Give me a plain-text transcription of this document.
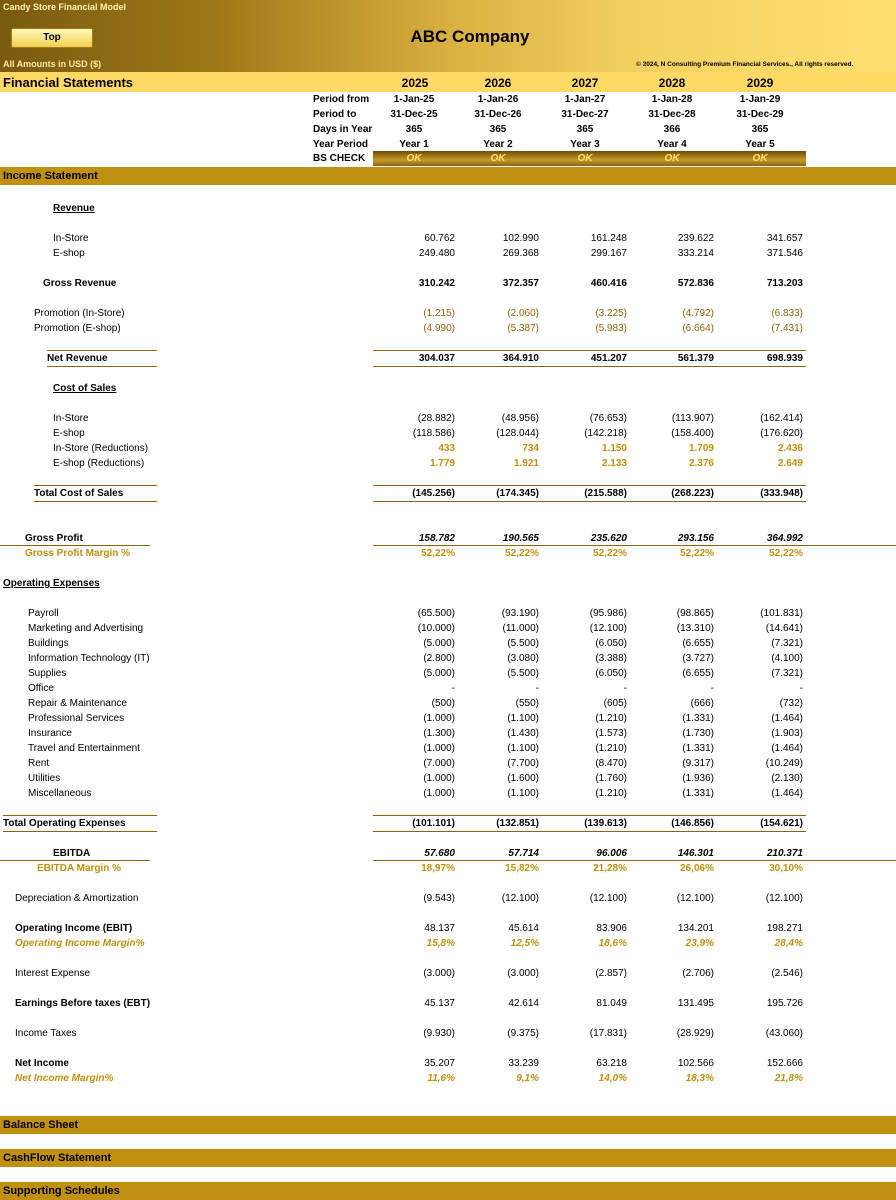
Candy Store Financial Model
Top	ABC Company
All Amounts in USD ($)	© 2024, N Consulting Premium Financial Services., All rights reserved.
Financial Statements	2025	2026	2027	2028	2029
Period from	1-Jan-25	1-Jan-26	1-Jan-27	1-Jan-28	1-Jan-29
Period to	31-Dec-25	31-Dec-26	31-Dec-27	31-Dec-28	31-Dec-29
Days in Year	365	365	365	366	365
Year Period	Year 1	Year 2	Year 3	Year 4	Year 5
BS CHECK	OK	OK	OK	OK	OK
Income Statement
Revenue
In-Store	60.762	102.990	161.248	239.622	341.657
E-shop	249.480	269.368	299.167	333.214	371.546
Gross Revenue	310.242	372.357	460.416	572.836	713.203
Promotion (In-Store)	(1.215)	(2.060)	(3.225)	(4.792)	(6.833)
Promotion (E-shop)	(4.990)	(5.387)	(5.983)	(6.664)	(7.431)
Net Revenue	304.037	364.910	451.207	561.379	698.939
Cost of Sales
In-Store	(28.882)	(48.956)	(76.653)	(113.907)	(162.414)
E-shop	(118.586)	(128.044)	(142.218)	(158.400)	(176.620)
In-Store (Reductions)	433	734	1.150	1.709	2.436
E-shop (Reductions)	1.779	1.921	2.133	2.376	2.649
Total Cost of Sales	(145.256)	(174.345)	(215.588)	(268.223)	(333.948)
Gross Profit	158.782	190.565	235.620	293.156	364.992
Gross Profit Margin %	52,22%	52,22%	52,22%	52,22%	52,22%
Operating Expenses
Payroll	(65.500)	(93.190)	(95.986)	(98.865)	(101.831)
Marketing and Advertising	(10.000)	(11.000)	(12.100)	(13.310)	(14.641)
Buildings	(5.000)	(5.500)	(6.050)	(6.655)	(7.321)
Information Technology (IT)	(2.800)	(3.080)	(3.388)	(3.727)	(4.100)
Supplies	(5.000)	(5.500)	(6.050)	(6.655)	(7.321)
Office	-	-	-	-	-
Repair & Maintenance	(500)	(550)	(605)	(666)	(732)
Professional Services	(1.000)	(1.100)	(1.210)	(1.331)	(1.464)
Insurance	(1.300)	(1.430)	(1.573)	(1.730)	(1.903)
Travel and Entertainment	(1.000)	(1.100)	(1.210)	(1.331)	(1.464)
Rent	(7.000)	(7.700)	(8.470)	(9.317)	(10.249)
Utilities	(1.000)	(1.600)	(1.760)	(1.936)	(2.130)
Miscellaneous	(1.000)	(1.100)	(1.210)	(1.331)	(1.464)
Total Operating Expenses	(101.101)	(132.851)	(139.613)	(146.856)	(154.621)
EBITDA	57.680	57.714	96.006	146.301	210.371
EBITDA Margin %	18,97%	15,82%	21,28%	26,06%	30,10%
Depreciation & Amortization	(9.543)	(12.100)	(12.100)	(12.100)	(12.100)
Operating Income (EBIT)	48.137	45.614	83.906	134.201	198.271
Operating Income Margin%	15,8%	12,5%	18,6%	23,9%	28,4%
Interest Expense	(3.000)	(3.000)	(2.857)	(2.706)	(2.546)
Earnings Before taxes (EBT)	45.137	42.614	81.049	131.495	195.726
Income Taxes	(9.930)	(9.375)	(17.831)	(28.929)	(43.060)
Net Income	35.207	33.239	63.218	102.566	152.666
Net Income Margin%	11,6%	9,1%	14,0%	18,3%	21,8%
Balance Sheet
CashFlow Statement
Supporting Schedules
